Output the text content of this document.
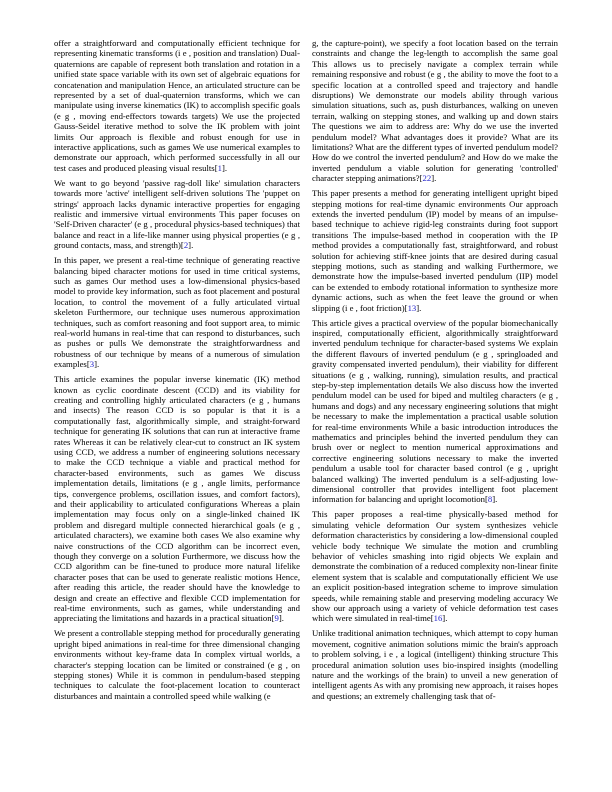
offer a straightforward and computationally efficient technique for representing kinematic transforms (i e , position and translation) Dual-quaternions are capable of represent both translation and rotation in a unified state space variable with its own set of algebraic equations for concatenation and manipulation Hence, an articulated structure can be represented by a set of dual-quaternion transforms, which we can manipulate using inverse kinematics (IK) to accomplish specific goals (e g , moving end-effectors towards targets) We use the projected Gauss-Seidel iterative method to solve the IK problem with joint limits Our approach is flexible and robust enough for use in interactive applications, such as games We use numerical examples to demonstrate our approach, which performed successfully in all our test cases and produced pleasing visual results[1].

We want to go beyond 'passive rag-doll like' simulation characters towards more 'active' intelligent self-driven solutions The 'puppet on strings' approach lacks dynamic interactive properties for engaging realistic and immersive virtual environments This paper focuses on 'Self-Driven character' (e g , procedural physics-based techniques) that balance and react in a life-like manner using physical properties (e g , ground contacts, mass, and strength)[2].

In this paper, we present a real-time technique of generating reactive balancing biped character motions for used in time critical systems, such as games Our method uses a low-dimensional physics-based model to provide key information, such as foot placement and postural location, to control the movement of a fully articulated virtual skeleton Furthermore, our technique uses numerous approximation techniques, such as comfort reasoning and foot support area, to mimic real-world humans in real-time that can respond to disturbances, such as pushes or pulls We demonstrate the straightforwardness and robustness of our technique by means of a numerous of simulation examples[3].

This article examines the popular inverse kinematic (IK) method known as cyclic coordinate descent (CCD) and its viability for creating and controlling highly articulated characters (e g , humans and insects) The reason CCD is so popular is that it is a computationally fast, algorithmically simple, and straight-forward technique for generating IK solutions that can run at interactive frame rates Whereas it can be relatively clear-cut to construct an IK system using CCD, we address a number of engineering solutions necessary to make the CCD technique a viable and practical method for character-based environments, such as games We discuss implementation details, limitations (e g , angle limits, performance tips, convergence problems, oscillation issues, and comfort factors), and their applicability to articulated configurations Whereas a plain implementation may focus only on a single-linked chained IK problem and disregard multiple connected hierarchical goals (e g , articulated characters), we examine both cases We also examine why naive constructions of the CCD algorithm can be incorrect even, though they converge on a solution Furthermore, we discuss how the CCD algorithm can be fine-tuned to produce more natural lifelike character poses that can be used to generate realistic motions Hence, after reading this article, the reader should have the knowledge to design and create an effective and flexible CCD implementation for real-time environments, such as games, while understanding and appreciating the limitations and hazards in a practical situation[9].

We present a controllable stepping method for procedurally generating upright biped animations in real-time for three dimensional changing environments without key-frame data In complex virtual worlds, a character's stepping location can be limited or constrained (e g , on stepping stones) While it is common in pendulum-based stepping techniques to calculate the foot-placement location to counteract disturbances and maintain a controlled speed while walking (e

g, the capture-point), we specify a foot location based on the terrain constraints and change the leg-length to accomplish the same goal This allows us to precisely navigate a complex terrain while remaining responsive and robust (e g , the ability to move the foot to a specific location at a controlled speed and trajectory and handle disruptions) We demonstrate our models ability through various simulation situations, such as, push disturbances, walking on uneven terrain, walking on stepping stones, and walking up and down stairs The questions we aim to address are: Why do we use the inverted pendulum model? What advantages does it provide? What are its limitations? What are the different types of inverted pendulum model? How do we control the inverted pendulum? and How do we make the inverted pendulum a viable solution for generating 'controlled' character stepping animations?[22].

This paper presents a method for generating intelligent upright biped stepping motions for real-time dynamic environments Our approach extends the inverted pendulum (IP) model by means of an impulse-based technique to achieve rigid-leg constraints during foot support transitions The impulse-based method in cooperation with the IP method provides a computationally fast, straightforward, and robust solution for achieving stiff-knee joints that are desired during casual stepping motions, such as standing and walking Furthermore, we demonstrate how the impulse-based inverted pendulum (IIP) model can be extended to embody rotational information to synthesize more dynamic actions, such as when the feet leave the ground or when slipping (i e , foot friction)[13].

This article gives a practical overview of the popular biomechanically inspired, computationally efficient, algorithmically straightforward inverted pendulum technique for character-based systems We explain the different flavours of inverted pendulum (e g , springloaded and gravity compensated inverted pendulum), their viability for different situations (e g , walking, running), simulation results, and practical step-by-step implementation details We also discuss how the inverted pendulum model can be used for biped and multileg characters (e g , humans and dogs) and any necessary engineering solutions that might be necessary to make the implementation a practical usable solution for real-time environments While a basic introduction introduces the mathematics and principles behind the inverted pendulum they can brush over or neglect to mention numerical approximations and corrective engineering solutions necessary to make the inverted pendulum a usable tool for character based control (e g , upright balanced walking) The inverted pendulum is a self-adjusting low-dimensional controller that provides intelligent foot placement information for balancing and upright locomotion[8].

This paper proposes a real-time physically-based method for simulating vehicle deformation Our system synthesizes vehicle deformation characteristics by considering a low-dimensional coupled vehicle body technique We simulate the motion and crumbling behavior of vehicles smashing into rigid objects We explain and demonstrate the combination of a reduced complexity non-linear finite element system that is scalable and computationally efficient We use an explicit position-based integration scheme to improve simulation speeds, while remaining stable and preserving modeling accuracy We show our approach using a variety of vehicle deformation test cases which were simulated in real-time[16].

Unlike traditional animation techniques, which attempt to copy human movement, cognitive animation solutions mimic the brain's approach to problem solving, i e , a logical (intelligent) thinking structure This procedural animation solution uses bio-inspired insights (modelling nature and the workings of the brain) to unveil a new generation of intelligent agents As with any promising new approach, it raises hopes and questions; an extremely challenging task that of-
